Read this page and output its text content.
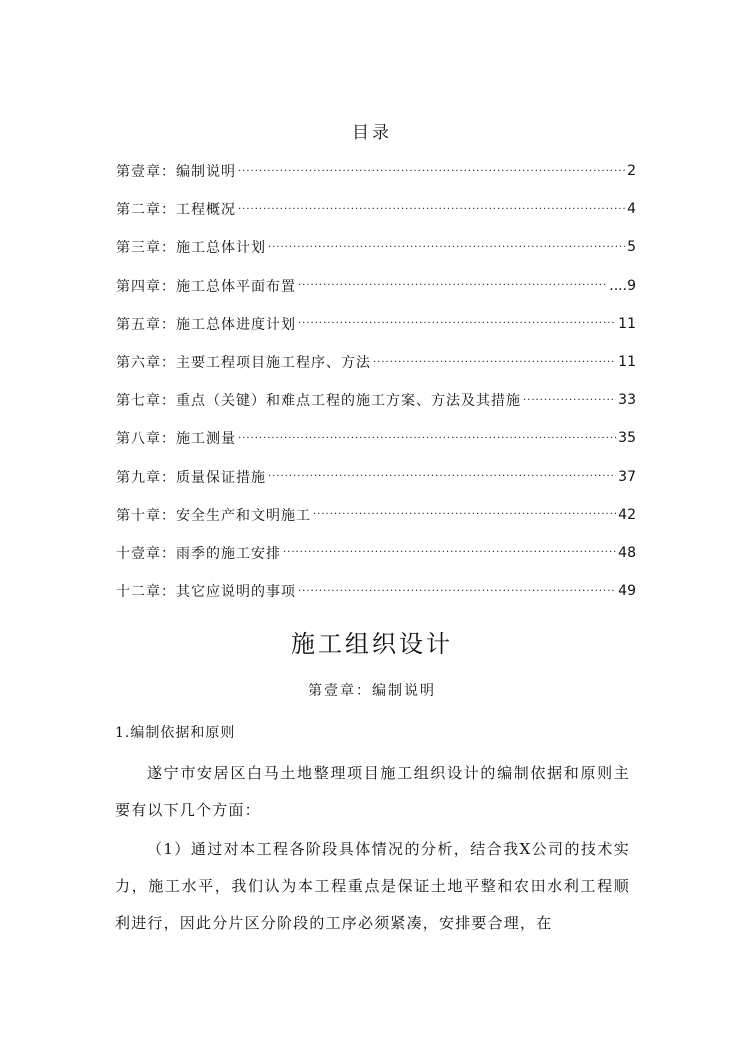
目录
第壹章：编制说明 ·····	2
第二章：工程概况 ·····	4
第三章：施工总体计划 ·····	5
第四章：施工总体平面布置 ·····	....9
第五章：施工总体进度计划 ·····	11
第六章：主要工程项目施工程序、方法 ·····	11
第七章：重点（关键）和难点工程的施工方案、方法及其措施 ·····	33
第八章：施工测量 ·····	35
第九章：质量保证措施 ·····	37
第十章：安全生产和文明施工 ·····	42
十壹章：雨季的施工安排 ·····	48
十二章：其它应说明的事项 ·····	49
施工组织设计
第壹章：编制说明
1.编制依据和原则

遂宁市安居区白马土地整理项目施工组织设计的编制依据和原则主要有以下几个方面：

（1）通过对本工程各阶段具体情况的分析，结合我X公司的技术实力，施工水平，我们认为本工程重点是保证土地平整和农田水利工程顺利进行，因此分片区分阶段的工序必须紧凑，安排要合理，在
